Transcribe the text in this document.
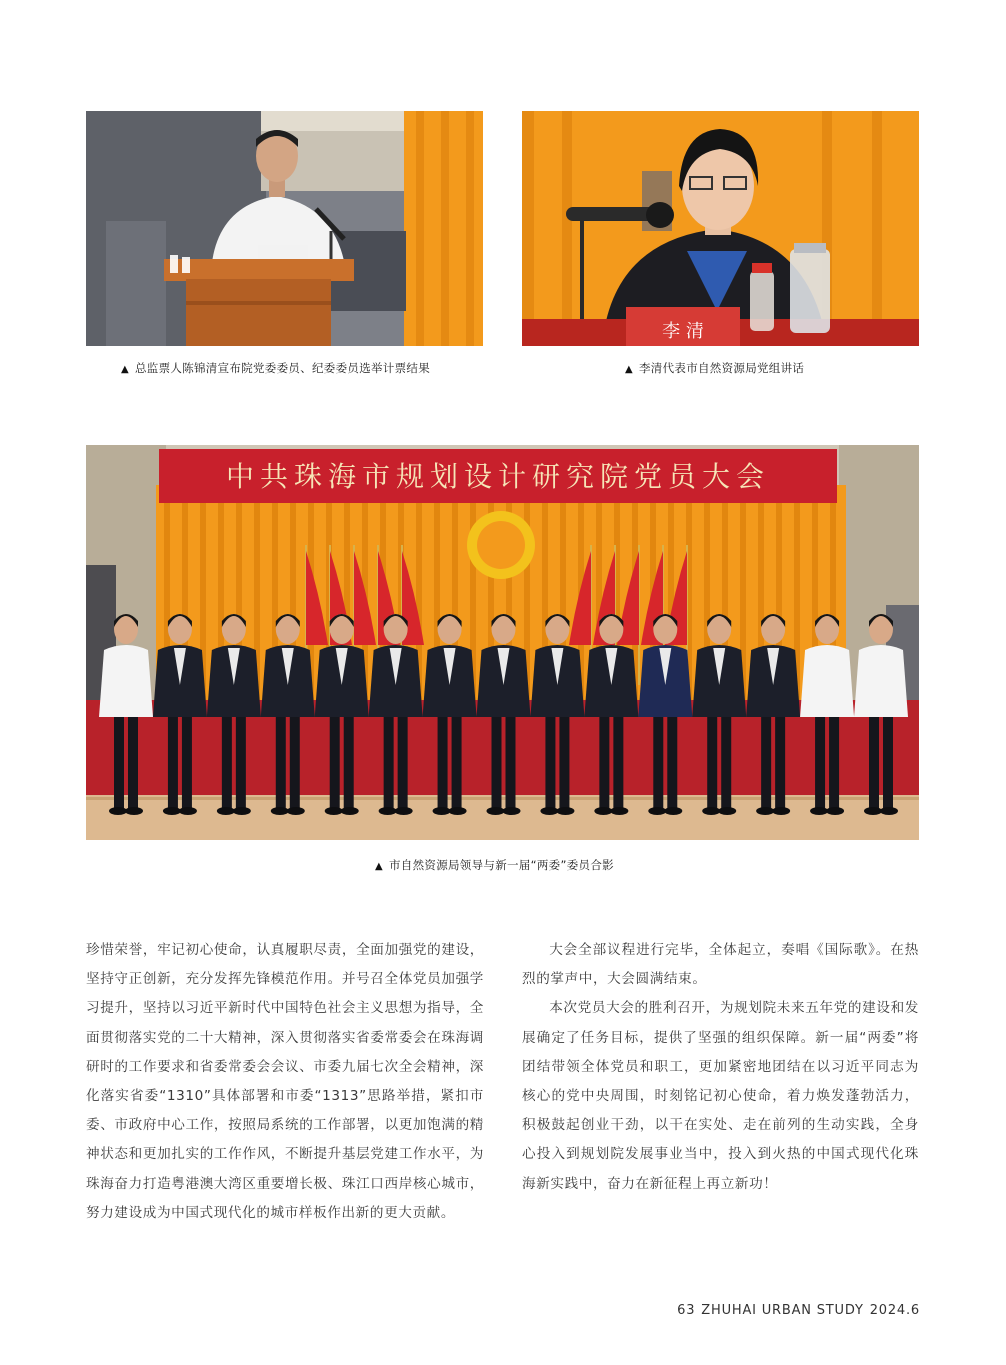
李 清
▲ 总监票人陈锦清宣布院党委委员、纪委委员选举计票结果	▲ 李清代表市自然资源局党组讲话
中共珠海市规划设计研究院党员大会
▲ 市自然资源局领导与新一届“两委”委员合影

珍惜荣誉，牢记初心使命，认真履职尽责，全面加强党的建设，坚持守正创新，充分发挥先锋模范作用。并号召全体党员加强学习提升，坚持以习近平新时代中国特色社会主义思想为指导，全面贯彻落实党的二十大精神，深入贯彻落实省委常委会在珠海调研时的工作要求和省委常委会会议、市委九届七次全会精神，深化落实省委“1310”具体部署和市委“1313”思路举措，紧扣市委、市政府中心工作，按照局系统的工作部署，以更加饱满的精神状态和更加扎实的工作作风，不断提升基层党建工作水平，为珠海奋力打造粤港澳大湾区重要增长极、珠江口西岸核心城市，努力建设成为中国式现代化的城市样板作出新的更大贡献。

大会全部议程进行完毕，全体起立，奏唱《国际歌》。在热烈的掌声中，大会圆满结束。

本次党员大会的胜利召开，为规划院未来五年党的建设和发展确定了任务目标，提供了坚强的组织保障。新一届“两委”将团结带领全体党员和职工，更加紧密地团结在以习近平同志为核心的党中央周围，时刻铭记初心使命，着力焕发蓬勃活力，积极鼓起创业干劲，以干在实处、走在前列的生动实践，全身心投入到规划院发展事业当中，投入到火热的中国式现代化珠海新实践中，奋力在新征程上再立新功！

63 ZHUHAI URBAN STUDY 2024.6
